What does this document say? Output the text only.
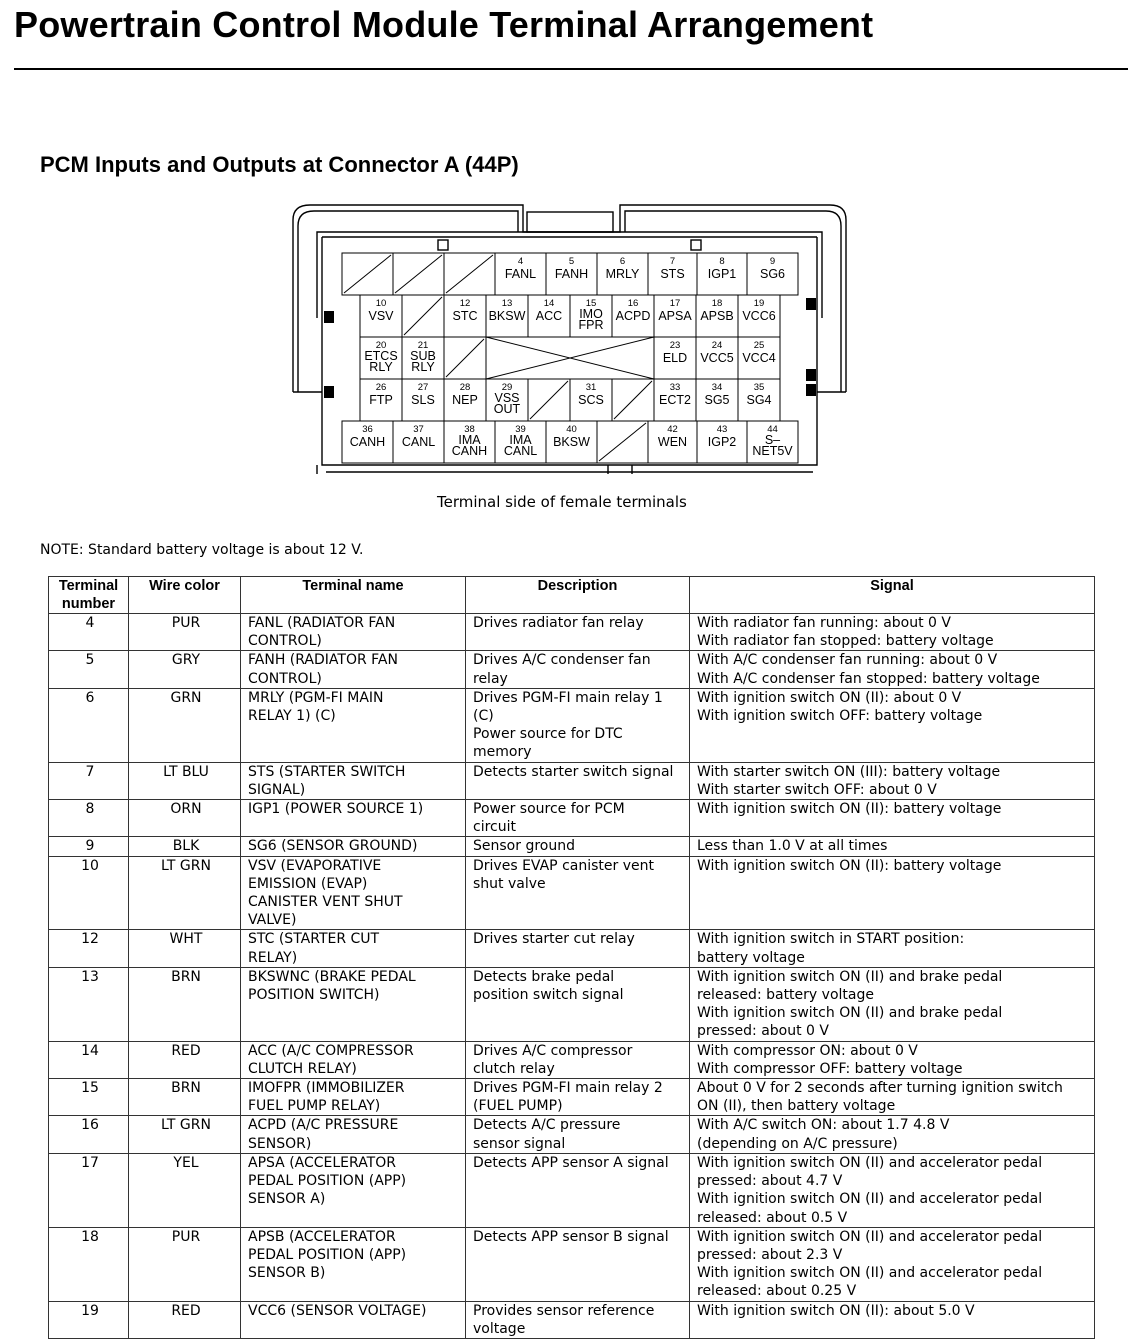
Powertrain Control Module Terminal Arrangement
PCM Inputs and Outputs at Connector A (44P)
4
FANL
5
FANH
6
MRLY
7
STS
8
IGP1
9
SG6
10
VSV
12
STC
13
BKSW
14
ACC
15
IMO
FPR
16
ACPD
17
APSA
18
APSB
19
VCC6
20
ETCS
RLY
21
SUB
RLY
23
ELD
24
VCC5
25
VCC4
26
FTP
27
SLS
28
NEP
29
VSS
OUT
31
SCS
33
ECT2
34
SG5
35
SG4
36
CANH
37
CANL
38
IMA
CANH
39
IMA
CANL
40
BKSW
42
WEN
43
IGP2
44
S–
NET5V
Terminal side of female terminals
NOTE: Standard battery voltage is about 12 V.
Terminal
number	Wire color	Terminal name	Description	Signal

4	PUR	FANL (RADIATOR FAN
CONTROL)	Drives radiator fan relay	With radiator fan running: about 0 V
With radiator fan stopped: battery voltage

5	GRY	FANH (RADIATOR FAN
CONTROL)	Drives A/C condenser fan
relay	With A/C condenser fan running: about 0 V
With A/C condenser fan stopped: battery voltage

6	GRN	MRLY (PGM-FI MAIN
RELAY 1) (C)	Drives PGM-FI main relay 1
(C)
Power source for DTC
memory	With ignition switch ON (II): about 0 V
With ignition switch OFF: battery voltage

7	LT BLU	STS (STARTER SWITCH
SIGNAL)	Detects starter switch signal	With starter switch ON (III): battery voltage
With starter switch OFF: about 0 V

8	ORN	IGP1 (POWER SOURCE 1)	Power source for PCM
circuit	With ignition switch ON (II): battery voltage

9	BLK	SG6 (SENSOR GROUND)	Sensor ground	Less than 1.0 V at all times

10	LT GRN	VSV (EVAPORATIVE
EMISSION (EVAP)
CANISTER VENT SHUT
VALVE)	Drives EVAP canister vent
shut valve	With ignition switch ON (II): battery voltage

12	WHT	STC (STARTER CUT
RELAY)	Drives starter cut relay	With ignition switch in START position:
battery voltage

13	BRN	BKSWNC (BRAKE PEDAL
POSITION SWITCH)	Detects brake pedal
position switch signal	With ignition switch ON (II) and brake pedal
released: battery voltage
With ignition switch ON (II) and brake pedal
pressed: about 0 V

14	RED	ACC (A/C COMPRESSOR
CLUTCH RELAY)	Drives A/C compressor
clutch relay	With compressor ON: about 0 V
With compressor OFF: battery voltage

15	BRN	IMOFPR (IMMOBILIZER
FUEL PUMP RELAY)	Drives PGM-FI main relay 2
(FUEL PUMP)	About 0 V for 2 seconds after turning ignition switch
ON (II), then battery voltage

16	LT GRN	ACPD (A/C PRESSURE
SENSOR)	Detects A/C pressure
sensor signal	With A/C switch ON: about 1.7 4.8 V
(depending on A/C pressure)

17	YEL	APSA (ACCELERATOR
PEDAL POSITION (APP)
SENSOR A)	Detects APP sensor A signal	With ignition switch ON (II) and accelerator pedal
pressed: about 4.7 V
With ignition switch ON (II) and accelerator pedal
released: about 0.5 V

18	PUR	APSB (ACCELERATOR
PEDAL POSITION (APP)
SENSOR B)	Detects APP sensor B signal	With ignition switch ON (II) and accelerator pedal
pressed: about 2.3 V
With ignition switch ON (II) and accelerator pedal
released: about 0.25 V

19	RED	VCC6 (SENSOR VOLTAGE)	Provides sensor reference
voltage	With ignition switch ON (II): about 5.0 V
